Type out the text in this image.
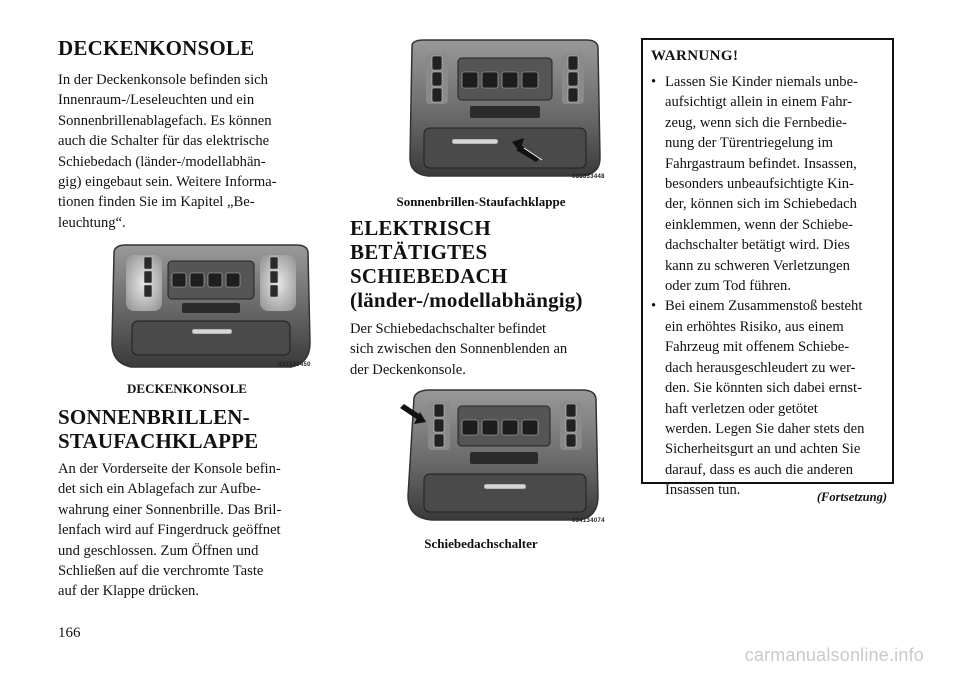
DECKENKONSOLE

In der Deckenkonsole befinden sich
Innenraum-/Leseleuchten und ein
Sonnenbrillenablagefach. Es können
auch die Schalter für das elektrische
Schiebedach (länder-/modellabhän-
gig) eingebaut sein. Weitere Informa-
tionen finden Sie im Kapitel „Be-
leuchtung“.

033333450
DECKENKONSOLE
SONNENBRILLEN-
STAUFACHKLAPPE

An der Vorderseite der Konsole befin-
det sich ein Ablagefach zur Aufbe-
wahrung einer Sonnenbrille. Das Bril-
lenfach wird auf Fingerdruck geöffnet
und geschlossen. Zum Öffnen und
Schließen auf die verchromte Taste
auf der Klappe drücken.

033333448
Sonnenbrillen-Staufachklappe
ELEKTRISCH
BETÄTIGTES
SCHIEBEDACH
(länder-/modellabhängig)

Der Schiebedachschalter befindet
sich zwischen den Sonnenblenden an
der Deckenkonsole.

034134074
Schiebedachschalter
WARNUNG!
• Lassen Sie Kinder niemals unbe-
aufsichtigt allein in einem Fahr-
zeug, wenn sich die Fernbedie-
nung der Türentriegelung im
Fahrgastraum befindet. Insassen,
besonders unbeaufsichtigte Kin-
der, können sich im Schiebedach
einklemmen, wenn der Schiebe-
dachschalter betätigt wird. Dies
kann zu schweren Verletzungen
oder zum Tod führen.
• Bei einem Zusammenstoß besteht
ein erhöhtes Risiko, aus einem
Fahrzeug mit offenem Schiebe-
dach herausgeschleudert zu wer-
den. Sie könnten sich dabei ernst-
haft verletzen oder getötet
werden. Legen Sie daher stets den
Sicherheitsgurt an und achten Sie
darauf, dass es auch die anderen
Insassen tun.	(Fortsetzung)
166
carmanualsonline.info
